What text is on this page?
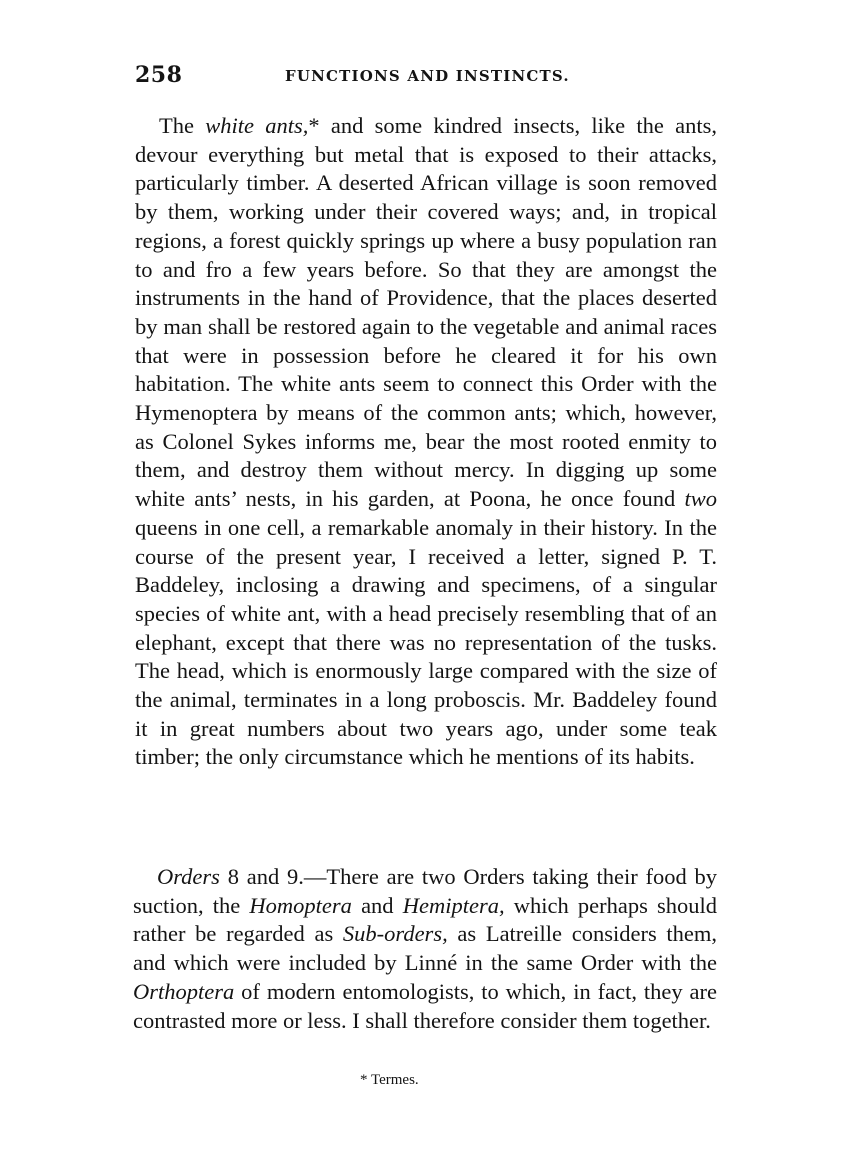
258	FUNCTIONS AND INSTINCTS.

The white ants,* and some kindred insects, like the ants, devour everything but metal that is exposed to their attacks, particularly timber. A deserted African village is soon removed by them, working under their covered ways; and, in tropical regions, a forest quickly springs up where a busy population ran to and fro a few years before. So that they are amongst the instruments in the hand of Providence, that the places deserted by man shall be restored again to the vegetable and animal races that were in possession before he cleared it for his own habitation. The white ants seem to connect this Order with the Hymenoptera by means of the common ants; which, however, as Colonel Sykes informs me, bear the most rooted enmity to them, and destroy them without mercy. In digging up some white ants’ nests, in his garden, at Poona, he once found two queens in one cell, a remarkable anomaly in their history. In the course of the present year, I received a letter, signed P. T. Baddeley, inclosing a drawing and specimens, of a singular species of white ant, with a head precisely resembling that of an elephant, except that there was no representation of the tusks. The head, which is enormously large compared with the size of the animal, terminates in a long proboscis. Mr. Baddeley found it in great numbers about two years ago, under some teak timber; the only circumstance which he mentions of its habits.

Orders 8 and 9.—There are two Orders taking their food by suction, the Homoptera and Hemiptera, which perhaps should rather be regarded as Sub-orders, as Latreille considers them, and which were included by Linné in the same Order with the Orthoptera of modern entomologists, to which, in fact, they are contrasted more or less. I shall therefore consider them together.

* Termes.
